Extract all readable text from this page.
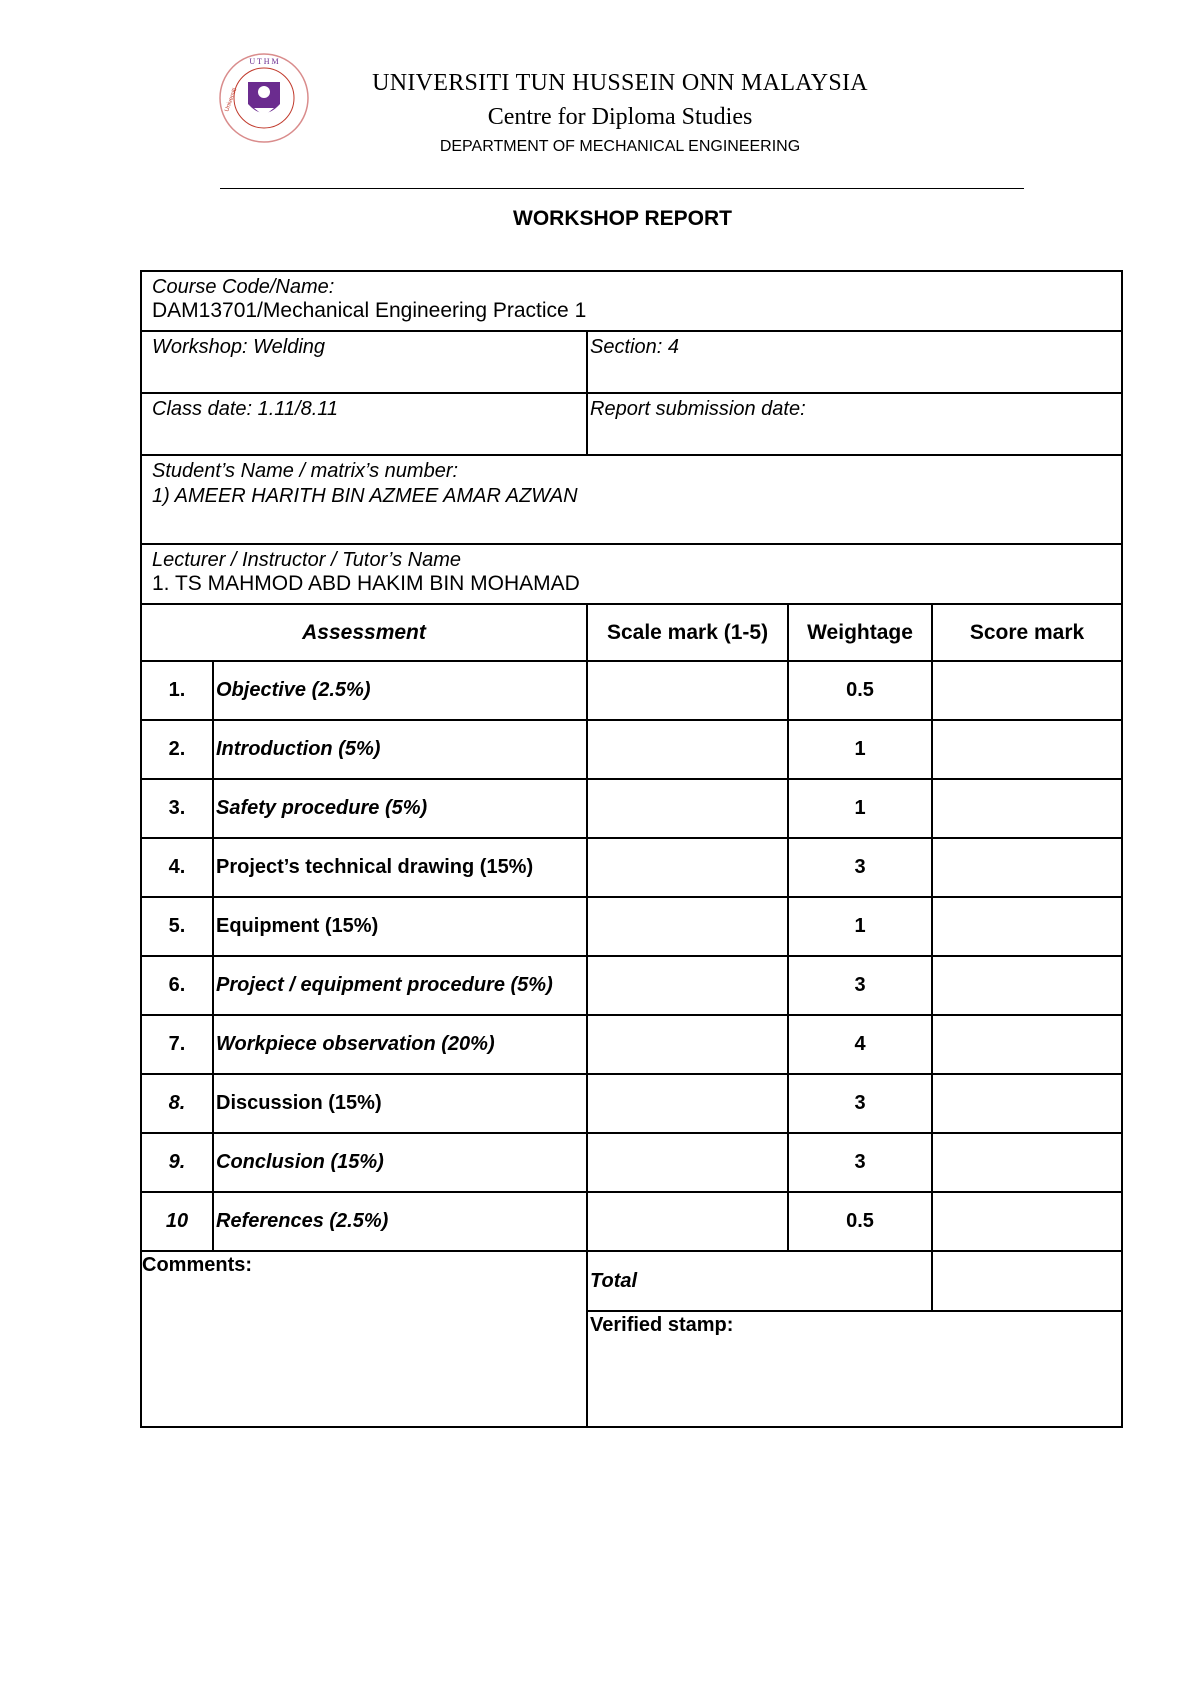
U T H M
Universiti
UNIVERSITI TUN HUSSEIN ONN MALAYSIA
Centre for Diploma Studies
DEPARTMENT OF MECHANICAL ENGINEERING
WORKSHOP REPORT
Course Code/Name:
DAM13701/Mechanical Engineering Practice 1	

Workshop: Welding	Section: 4

Class date: 1.11/8.11	Report submission date:

Student’s Name / matrix’s number:
1) AMEER HARITH BIN AZMEE AMAR AZWAN	

Lecturer / Instructor / Tutor’s Name
1. TS MAHMOD ABD HAKIM BIN MOHAMAD	
Assessment		Scale mark (1-5)	Weightage	Score mark
1.	Objective (2.5%)		0.5	
2.	Introduction (5%)		1	
3.	Safety procedure (5%)		1	
4.	Project’s technical drawing (15%)		3	
5.	Equipment (15%)		1	
6.	Project / equipment procedure (5%)		3	
7.	Workpiece observation (20%)		4	
8.	Discussion (15%)		3	
9.	Conclusion (15%)		3	
10	References (2.5%)		0.5	
Comments:		Total		
		Verified stamp:		
